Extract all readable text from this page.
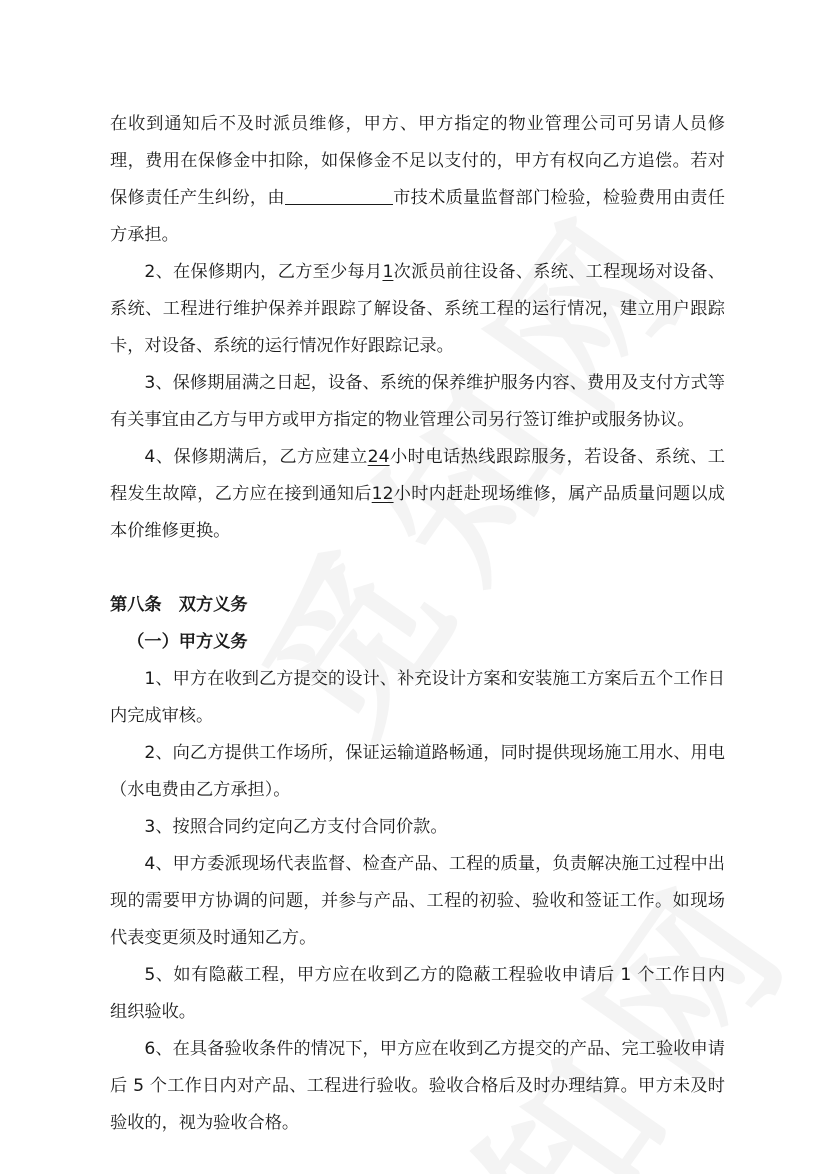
在收到通知后不及时派员维修，甲方、甲方指定的物业管理公司可另请人员修理，费用在保修金中扣除，如保修金不足以支付的，甲方有权向乙方追偿。若对保修责任产生纠纷，由	市技术质量监督部门检验，检验费用由责任方承担。

2、在保修期内，乙方至少每月1次派员前往设备、系统、工程现场对设备、系统、工程进行维护保养并跟踪了解设备、系统工程的运行情况，建立用户跟踪卡，对设备、系统的运行情况作好跟踪记录。

3、保修期届满之日起，设备、系统的保养维护服务内容、费用及支付方式等有关事宜由乙方与甲方或甲方指定的物业管理公司另行签订维护或服务协议。

4、保修期满后，乙方应建立24小时电话热线跟踪服务，若设备、系统、工程发生故障，乙方应在接到通知后12小时内赶赴现场维修，属产品质量问题以成本价维修更换。

第八条　双方义务

（一）甲方义务

1、甲方在收到乙方提交的设计、补充设计方案和安装施工方案后五个工作日内完成审核。

2、向乙方提供工作场所，保证运输道路畅通，同时提供现场施工用水、用电（水电费由乙方承担）。

3、按照合同约定向乙方支付合同价款。

4、甲方委派现场代表监督、检查产品、工程的质量，负责解决施工过程中出现的需要甲方协调的问题，并参与产品、工程的初验、验收和签证工作。如现场代表变更须及时通知乙方。

5、如有隐蔽工程，甲方应在收到乙方的隐蔽工程验收申请后 1 个工作日内组织验收。

6、在具备验收条件的情况下，甲方应在收到乙方提交的产品、完工验收申请后 5 个工作日内对产品、工程进行验收。验收合格后及时办理结算。甲方未及时验收的，视为验收合格。
